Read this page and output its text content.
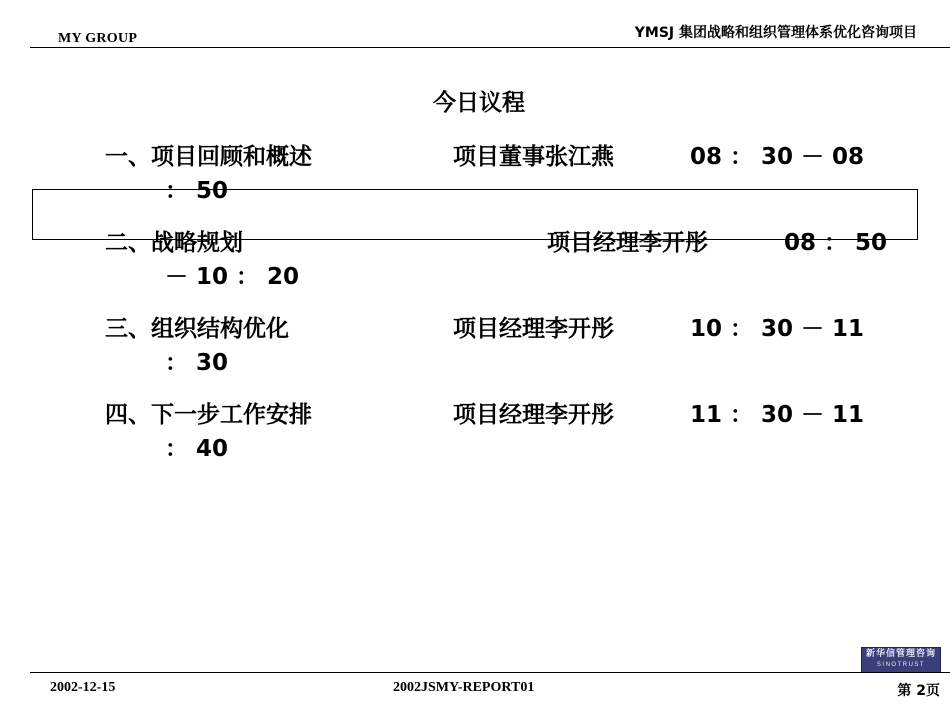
MY GROUP	YMSJ 集团战略和组织管理体系优化咨询项目
今日议程
一、项目回顾和概述	项目董事张江燕	08 ： 30 － 08
： 50
二、战略规划	项目经理李开彤	08 ： 50
－ 10 ： 20
三、组织结构优化	项目经理李开彤	10 ： 30 － 11
： 30
四、下一步工作安排	项目经理李开彤	11 ： 30 － 11
： 40
新华信管理咨询
SINOTRUST
2002-12-15	2002JSMY-REPORT01	第 2页
